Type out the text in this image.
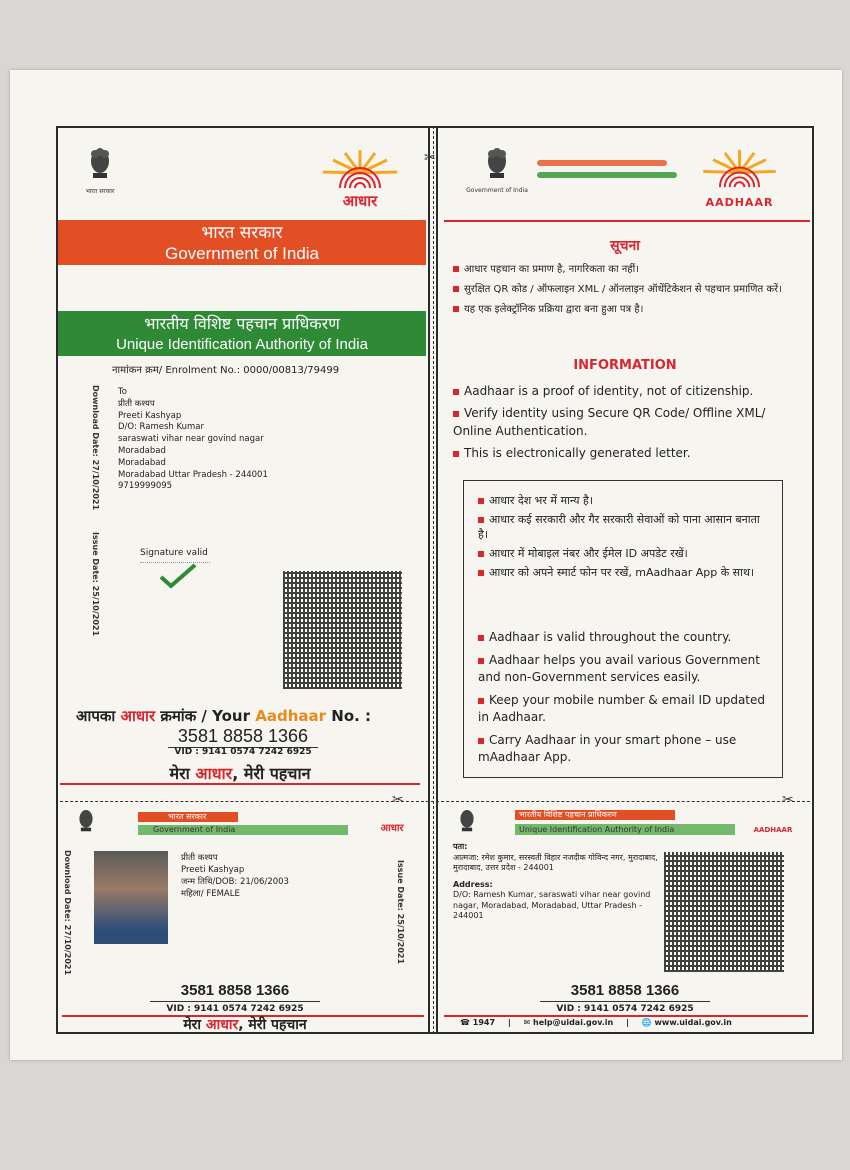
✂
✂	✂
भारत सरकार
आधार
भारत सरकार
Government of India
भारतीय विशिष्ट पहचान प्राधिकरण
Unique Identification Authority of India
नामांकन क्रम/ Enrolment No.: 0000/00813/79499
Download Date: 27/10/2021
Issue Date: 25/10/2021
To
प्रीती कश्यप
Preeti Kashyap
D/O: Ramesh Kumar
saraswati vihar near govind nagar
Moradabad
Moradabad
Moradabad Uttar Pradesh - 244001
9719999095
Signature valid
आपका आधार क्रमांक / Your Aadhaar No. :
3581 8858 1366
VID : 9141 0574 7242 6925
मेरा आधार, मेरी पहचान
Government of India
AADHAAR
सूचना
आधार पहचान का प्रमाण है, नागरिकता का नहीं।
सुरक्षित QR कोड / ऑफलाइन XML / ऑनलाइन ऑथेंटिकेशन से पहचान प्रमाणित करें।
यह एक इलेक्ट्रॉनिक प्रक्रिया द्वारा बना हुआ पत्र है।
INFORMATION
Aadhaar is a proof of identity, not of citizenship.
Verify identity using Secure QR Code/ Offline XML/ Online Authentication.
This is electronically generated letter.
आधार देश भर में मान्य है।
आधार कई सरकारी और गैर सरकारी सेवाओं को पाना आसान बनाता है।
आधार में मोबाइल नंबर और ईमेल ID अपडेट रखें।
आधार को अपने स्मार्ट फोन पर रखें, mAadhaar App के साथ।
Aadhaar is valid throughout the country.
Aadhaar helps you avail various Government and non-Government services easily.
Keep your mobile number & email ID updated in Aadhaar.
Carry Aadhaar in your smart phone – use mAadhaar App.
भारत सरकार
Government of India	आधार
Download Date: 27/10/2021	Issue Date: 25/10/2021
प्रीती कश्यप
Preeti Kashyap
जन्म तिथि/DOB: 21/06/2003
महिला/ FEMALE
3581 8858 1366
VID : 9141 0574 7242 6925
मेरा आधार, मेरी पहचान
भारतीय विशिष्ट पहचान प्राधिकरण
Unique Identification Authority of India	AADHAAR
पता:
आत्मजा: रमेश कुमार, सरस्वती विहार नजदीक गोविन्द नगर, मुरादाबाद, मुरादाबाद, उत्तर प्रदेश - 244001
Address:
D/O: Ramesh Kumar, saraswati vihar near govind nagar, Moradabad, Moradabad, Uttar Pradesh - 244001
3581 8858 1366
VID : 9141 0574 7242 6925
☎ 1947 | ✉ help@uidai.gov.in | 🌐 www.uidai.gov.in
